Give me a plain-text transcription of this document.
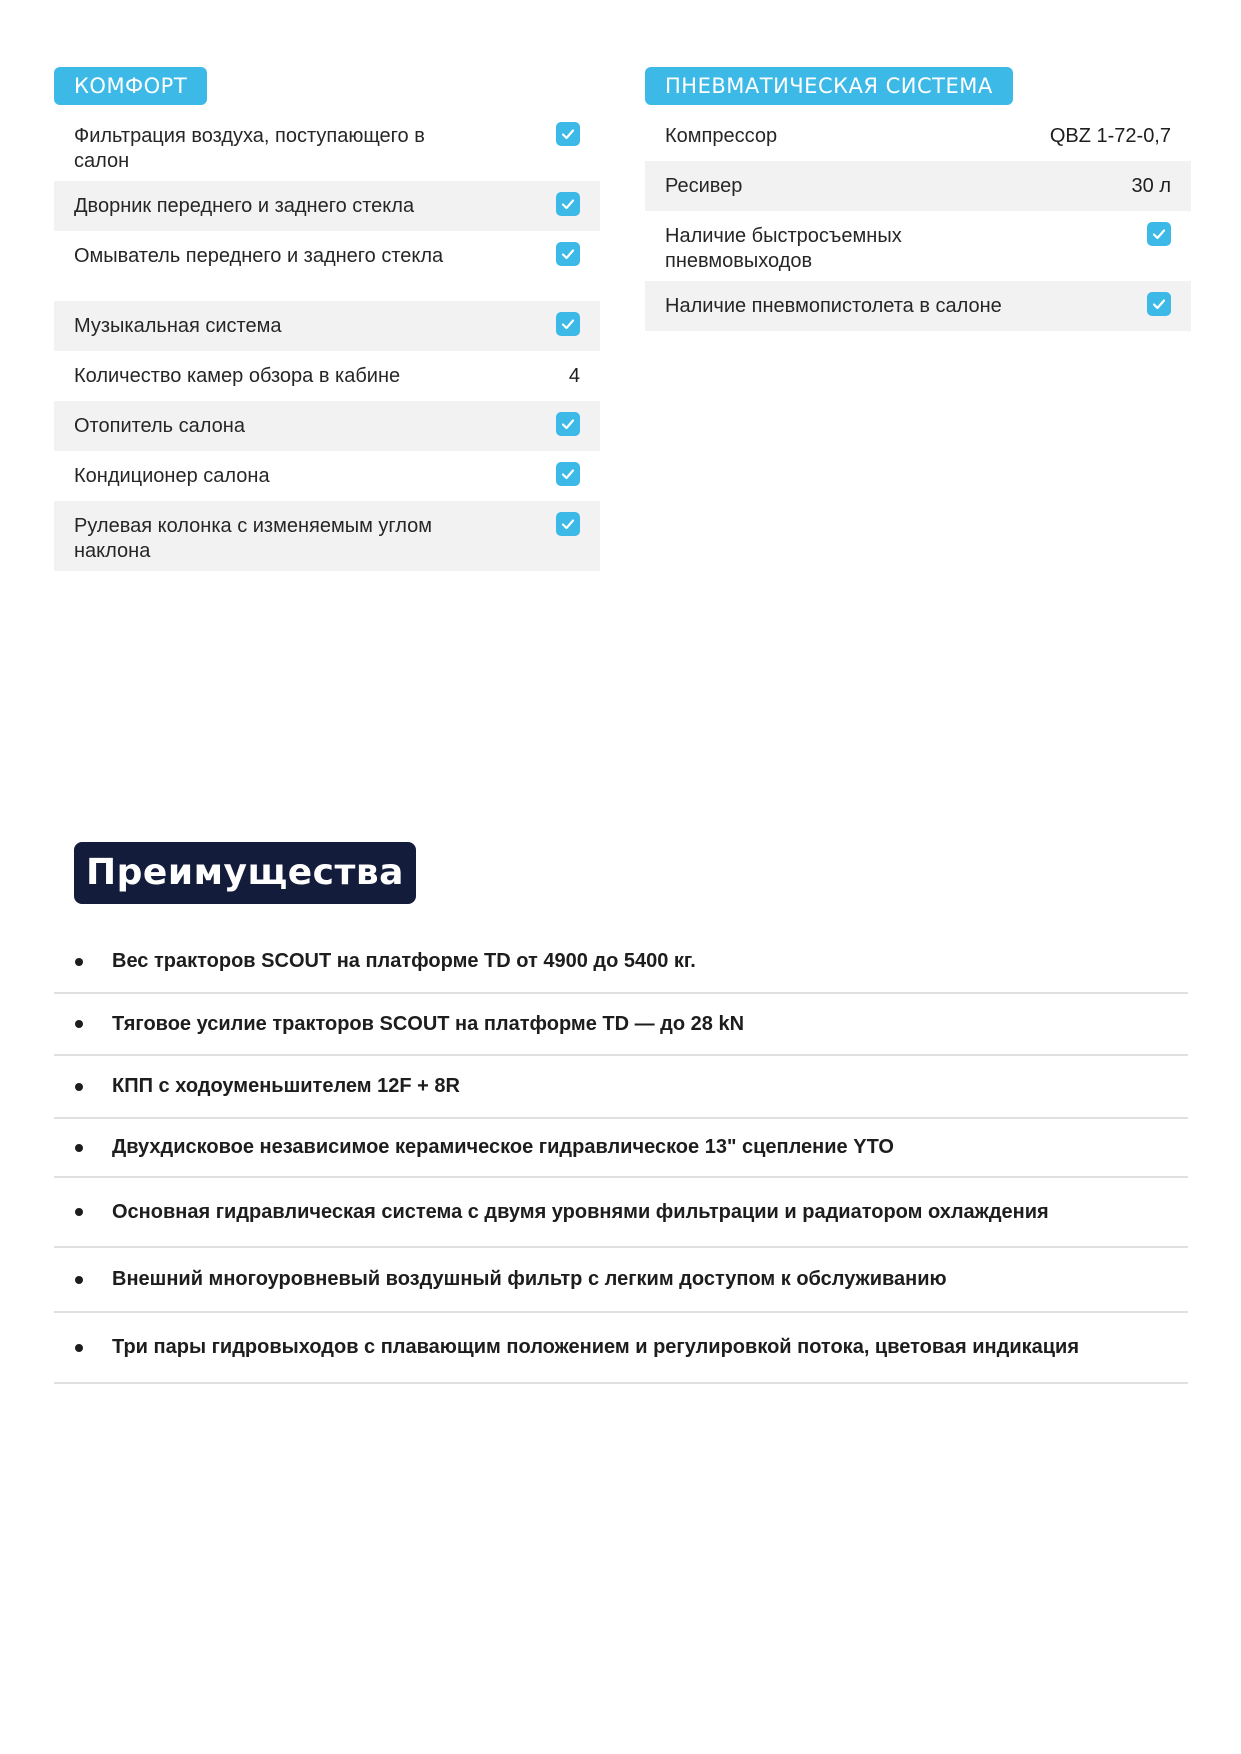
КОМФОРТ
Фильтрация воздуха, поступающего в салон
Дворник переднего и заднего стекла
Омыватель переднего и заднего стекла
Музыкальная система
Количество камер обзора в кабине	4
Отопитель салона
Кондиционер салона
Рулевая колонка с изменяемым углом наклона
ПНЕВМАТИЧЕСКАЯ СИСТЕМА
Компрессор	QBZ 1-72-0,7
Ресивер	30 л
Наличие быстросъемных пневмовыходов
Наличие пневмопистолета в салоне
Преимущества
Вес тракторов SCOUT на платформе TD от 4900 до 5400 кг.
Тяговое усилие тракторов SCOUT на платформе TD — до 28 kN
КПП с ходоуменьшителем 12F + 8R
Двухдисковое независимое керамическое гидравлическое 13" сцепление YTO
Основная гидравлическая система с двумя уровнями фильтрации и радиатором охлаждения
Внешний многоуровневый воздушный фильтр с легким доступом к обслуживанию
Три пары гидровыходов с плавающим положением и регулировкой потока, цветовая индикация
